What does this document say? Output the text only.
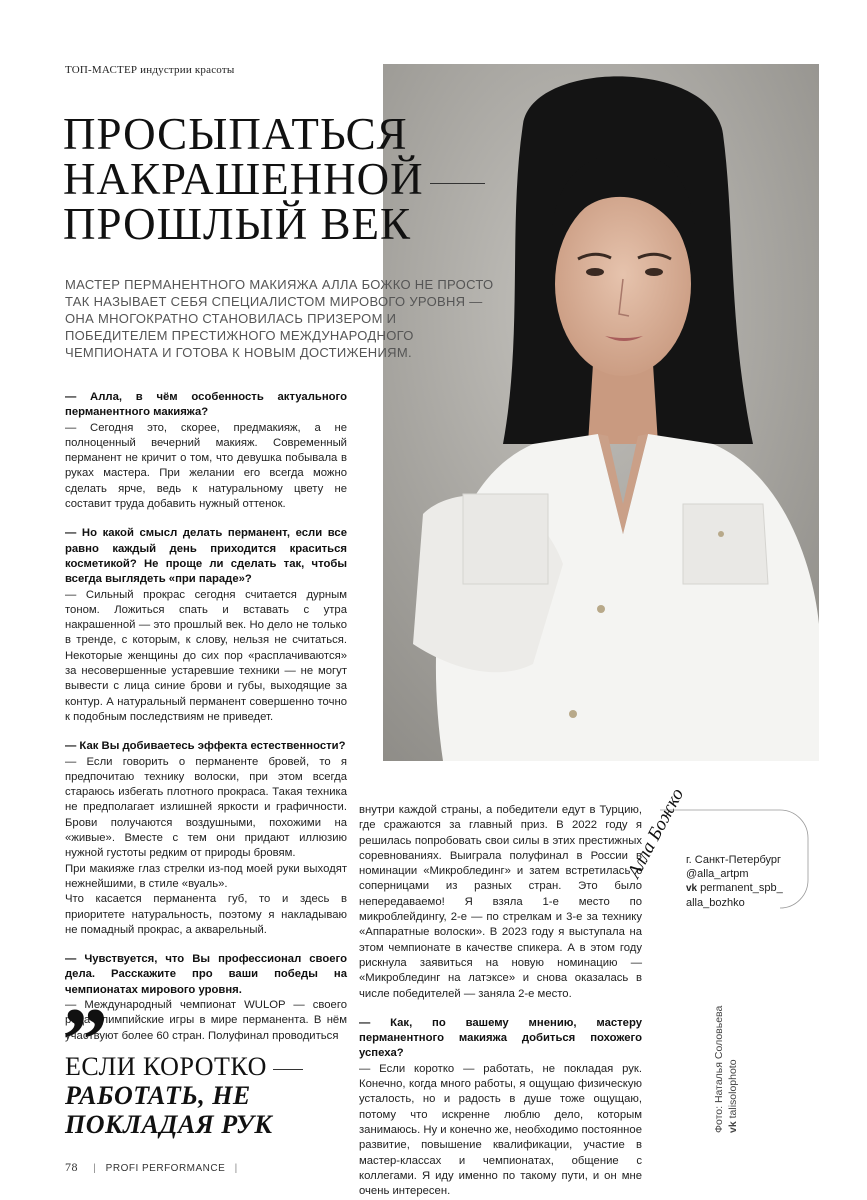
ТОП-МАСТЕР индустрии красоты
ПРОСЫПАТЬСЯ
НАКРАШЕННОЙ
ПРОШЛЫЙ ВЕК
МАСТЕР ПЕРМАНЕНТНОГО МАКИЯЖА АЛЛА БОЖКО НЕ ПРОСТО ТАК НАЗЫВАЕТ СЕБЯ СПЕЦИАЛИСТОМ МИРОВОГО УРОВНЯ — ОНА МНОГОКРАТНО СТАНОВИЛАСЬ ПРИЗЕРОМ И ПОБЕДИТЕЛЕМ ПРЕСТИЖНОГО МЕЖДУНАРОДНОГО ЧЕМПИОНАТА И ГОТОВА К НОВЫМ ДОСТИЖЕНИЯМ.

— Алла, в чём особенность актуального перманентного макияжа?

— Сегодня это, скорее, предмакияж, а не полноценный вечерний макияж. Современный перманент не кричит о том, что девушка побывала в руках мастера. При желании его всегда можно сделать ярче, ведь к натуральному цвету не составит труда добавить нужный оттенок.

— Но какой смысл делать перманент, если все равно каждый день приходится краситься косметикой? Не проще ли сделать так, чтобы всегда выглядеть «при параде»?

— Сильный прокрас сегодня считается дурным тоном. Ложиться спать и вставать с утра накрашенной — это прошлый век. Но дело не только в тренде, с которым, к слову, нельзя не считаться. Некоторые женщины до сих пор «расплачиваются» за несовершенные устаревшие техники — не могут вывести с лица синие брови и губы, выходящие за контур. А натуральный перманент совершенно точно к подобным последствиям не приведет.

— Как Вы добиваетесь эффекта естественности?

— Если говорить о перманенте бровей, то я предпочитаю технику волоски, при этом всегда стараюсь избегать плотного прокраса. Такая техника не предполагает излишней яркости и графичности. Брови получаются воздушными, похожими на «живые». Вместе с тем они придают иллюзию нужной густоты редким от природы бровям.

При макияже глаз стрелки из-под моей руки выходят нежнейшими, в стиле «вуаль».

Что касается перманента губ, то и здесь в приоритете натуральность, поэтому я накладываю не помадный прокрас, а акварельный.

— Чувствуется, что Вы профессионал своего дела. Расскажите про ваши победы на чемпионатах мирового уровня.

— Международный чемпионат WULOP — своего рода олимпийские игры в мире перманента. В нём участвуют более 60 стран. Полуфинал проводиться

внутри каждой страны, а победители едут в Турцию, где сражаются за главный приз. В 2022 году я решилась попробовать свои силы в этих престижных соревнованиях. Выиграла полуфинал в России в номинации «Микроблединг» и затем встретилась с соперницами из разных стран. Это было непередаваемо! Я взяла 1-е место по микроблейдингу, 2-е — по стрелкам и 3-е за технику «Аппаратные волоски». В 2023 году я выступала на этом чемпионате в качестве спикера. А в этом году рискнула заявиться на новую номинацию — «Микроблединг на латэксе» и снова оказалась в числе победителей — заняла 2-е место.

— Как, по вашему мнению, мастеру перманентного макияжа добиться похожего успеха?

— Если коротко — работать, не покладая рук. Конечно, когда много работы, я ощущаю физическую усталость, но и радость в душе тоже ощущаю, потому что искренне люблю дело, которым занимаюсь. Ну и конечно же, необходимо постоянное развитие, повышение квалификации, участие в мастер-классах и чемпионатах, общение с коллегами. Я иду именно по такому пути, и он мне очень интересен.

”
ЕСЛИ КОРОТКО
РАБОТАТЬ, НЕ
ПОКЛАДАЯ РУК
Алла Божко
г. Санкт-Петербург
@alla_artpm
vk permanent_spb_
alla_bozhko
Фото: Наталья Соловьева vk talisolophoto
78 | PROFI PERFORMANCE |
